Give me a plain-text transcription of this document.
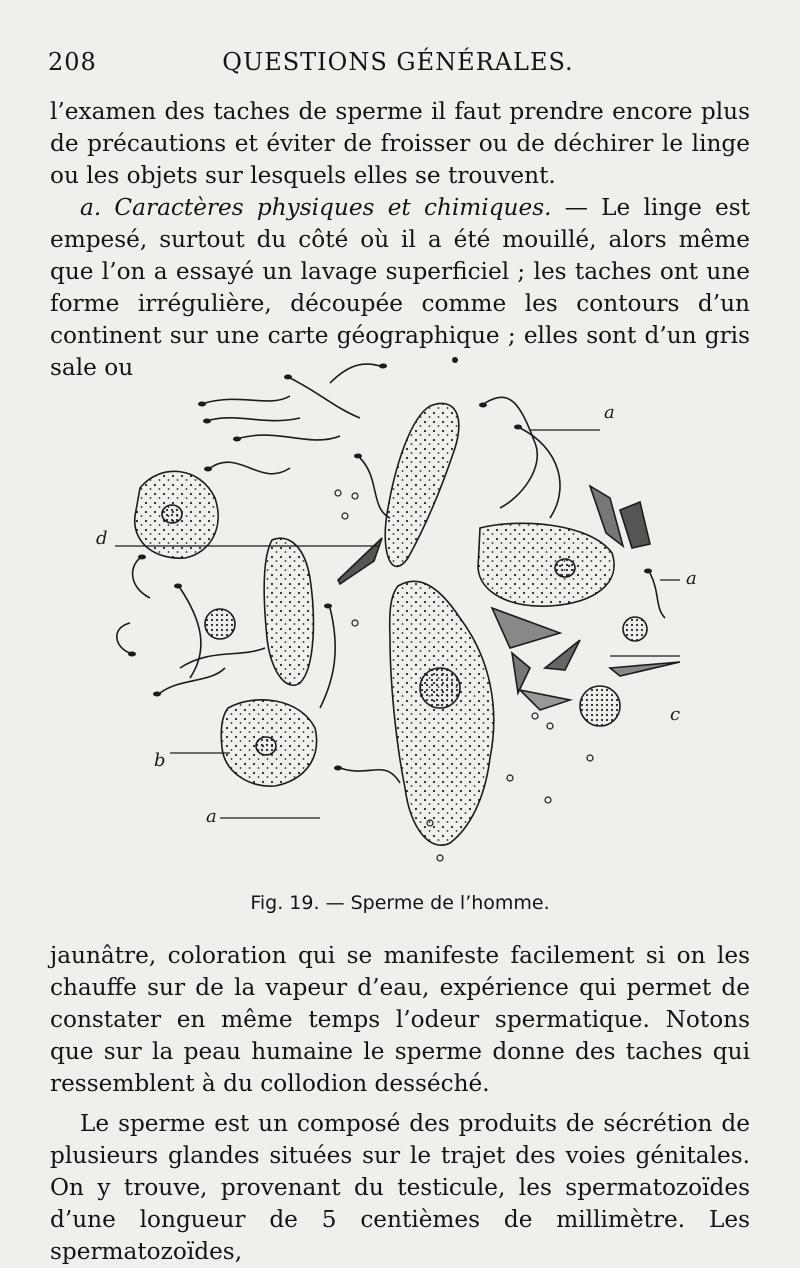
208	QUESTIONS GÉNÉRALES.

l’examen des taches de sperme il faut prendre encore plus de précautions et éviter de froisser ou de déchirer le linge ou les objets sur lesquels elles se trouvent.

a. Caractères physiques et chimiques. — Le linge est empesé, surtout du côté où il a été mouillé, alors même que l’on a essayé un lavage superficiel ; les taches ont une forme irrégulière, découpée comme les contours d’un continent sur une carte géographique ; elles sont d’un gris sale ou

a
d
a
c
b
a
Fig. 19. — Sperme de l’homme.

jaunâtre, coloration qui se manifeste facilement si on les chauffe sur de la vapeur d’eau, expérience qui permet de constater en même temps l’odeur spermatique. Notons que sur la peau humaine le sperme donne des taches qui ressemblent à du collodion desséché.

Le sperme est un composé des produits de sécrétion de plusieurs glandes situées sur le trajet des voies génitales. On y trouve, provenant du testicule, les spermatozoïdes d’une longueur de 5 centièmes de millimètre. Les spermatozoïdes,
